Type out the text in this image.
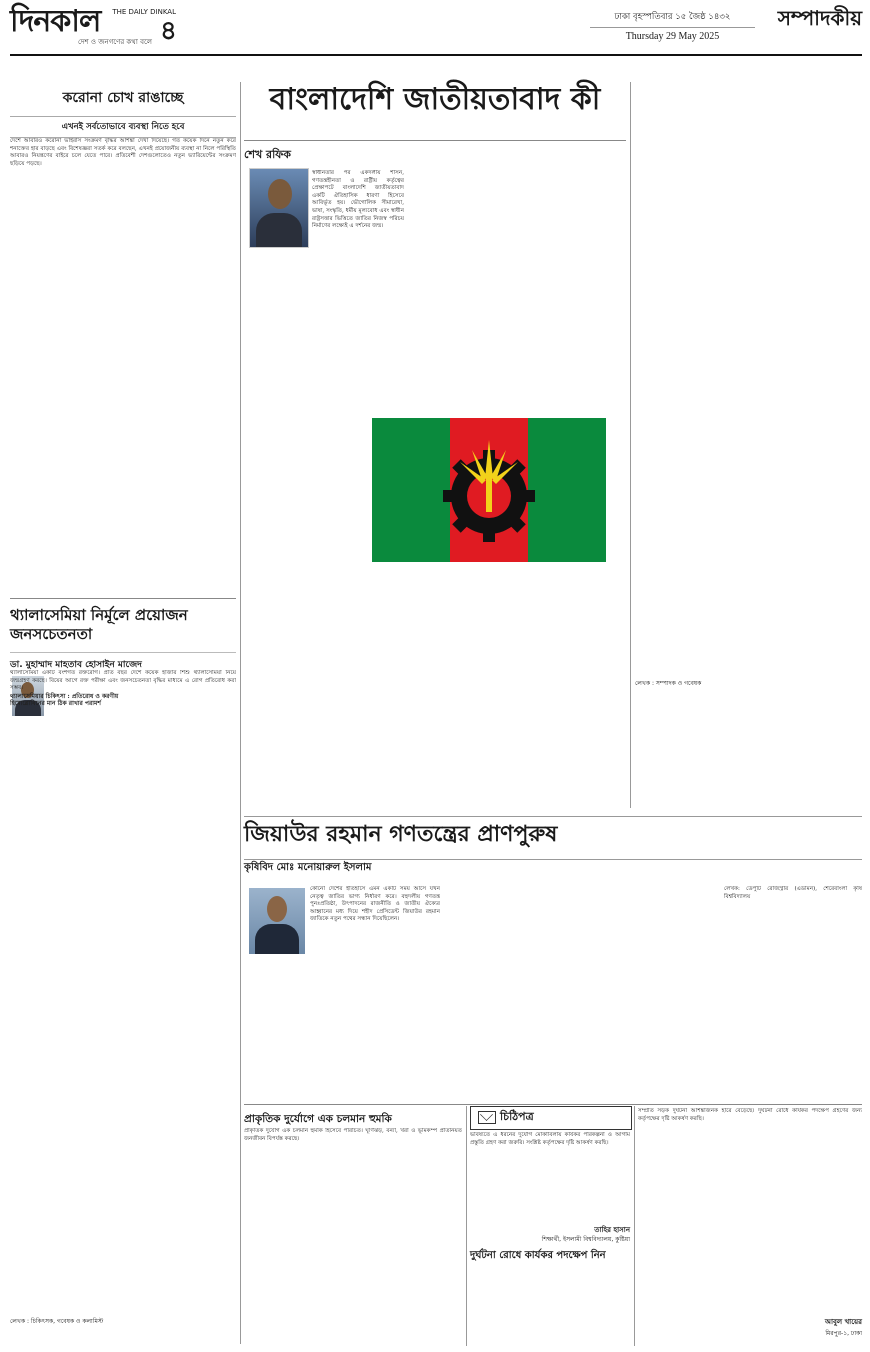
দিনকাল	THE DAILY DINKAL
দেশ ও জনগণের কথা বলে ৪	ঢাকা বৃহস্পতিবার ১৫ জৈষ্ঠ ১৪৩২
Thursday 29 May 2025
সম্পাদকীয়
করোনা চোখ রাঙাচ্ছে
এখনই সর্বতোভাবে ব্যবস্থা নিতে হবে

দেশে আবারও করোনা ভাইরাস সংক্রমণ বৃদ্ধির আশঙ্কা দেখা দিয়েছে। গত কয়েক দিনে নতুন করে শনাক্তের হার বাড়ছে এবং বিশেষজ্ঞরা সতর্ক করে বলছেন, এখনই প্রয়োজনীয় ব্যবস্থা না নিলে পরিস্থিতি আবারও নিয়ন্ত্রণের বাইরে চলে যেতে পারে। প্রতিবেশী দেশগুলোতেও নতুন ভ্যারিয়েন্টের সংক্রমণ ছড়িয়ে পড়ছে।

থ্যালাসেমিয়া নির্মূলে প্রয়োজন জনসচেতনতা
ডা. মুহাম্মাদ মাহতাব হোসাইন মাজেদ

থ্যালাসেমিয়া একটি বংশগত রক্তরোগ। প্রতি বছর দেশে কয়েক হাজার শিশু থ্যালাসেমিয়া নিয়ে জন্মগ্রহণ করছে। বিয়ের আগে রক্ত পরীক্ষা এবং জনসচেতনতা বৃদ্ধির মাধ্যমে এ রোগ প্রতিরোধ করা সম্ভব।

থ্যালাসেমিয়ার চিকিৎসা : প্রতিরোধ ও করণীয়
হিমোগ্লোবিনের মান ঠিক রাখার পরামর্শ
লেখক : চিকিৎসক, গবেষক ও কলামিস্ট
বাংলাদেশি জাতীয়তাবাদ কী
শেখ রফিক

স্বাধীনতার পর একদলীয় শাসন, গণতন্ত্রহীনতা ও রাষ্ট্রীয় কর্তৃত্বের প্রেক্ষাপটে বাংলাদেশি জাতীয়তাবাদ একটি ঐতিহাসিক ধারণা হিসেবে আবির্ভূত হয়। ভৌগোলিক সীমারেখা, ভাষা, সংস্কৃতি, ধর্মীয় মূল্যবোধ এবং স্বাধীন রাষ্ট্রসত্তার ভিত্তিতে জাতির নিজস্ব পরিচয় নির্মাণের লক্ষ্যেই এ দর্শনের জন্ম।

লেখক : সম্পাদক ও গবেষক
জিয়াউর রহমান গণতন্ত্রের প্রাণপুরুষ
কৃষিবিদ মোঃ মনোয়ারুল ইসলাম

কোনো দেশের ইতিহাসে এমন একটি সময় আসে যখন নেতৃত্ব জাতির ভাগ্য নির্ধারণ করে। বহুদলীয় গণতন্ত্র পুনঃপ্রতিষ্ঠা, উৎপাদনের রাজনীতি ও জাতীয় ঐক্যের আহ্বানের মধ্য দিয়ে শহীদ প্রেসিডেন্ট জিয়াউর রহমান জাতিকে নতুন পথের সন্ধান দিয়েছিলেন।

লেখক: ডেপুটি রেজিস্ট্রার (এডমিন), শেরেবাংলা কৃষি বিশ্ববিদ্যালয়

প্রাকৃতিক দুর্যোগে এক চলমান হুমকি

প্রাকৃতিক দুর্যোগ এক চলমান হুমকি হিসেবে পরিচিত। ঘূর্ণিঝড়, বন্যা, খরা ও ভূমিকম্প প্রতিনিয়ত জনজীবন বিপর্যস্ত করছে।

চিঠিপত্র

ভবিষ্যতে এ ধরনের দুর্যোগ মোকাবিলায় কার্যকর পরিকল্পনা ও আগাম প্রস্তুতি গ্রহণ করা জরুরি। সংশ্লিষ্ট কর্তৃপক্ষের দৃষ্টি আকর্ষণ করছি।

তাহির হাসান
শিক্ষার্থী, ইসলামী বিশ্ববিদ্যালয়, কুষ্টিয়া
দুর্ঘটনা রোধে কার্যকর পদক্ষেপ নিন

সম্প্রতি সড়ক দুর্ঘটনা আশঙ্কাজনক হারে বেড়েছে। দুর্ঘটনা রোধে কার্যকর পদক্ষেপ গ্রহণের জন্য কর্তৃপক্ষের দৃষ্টি আকর্ষণ করছি।

আবুল খায়ের
মিরপুর-১, ঢাকা
